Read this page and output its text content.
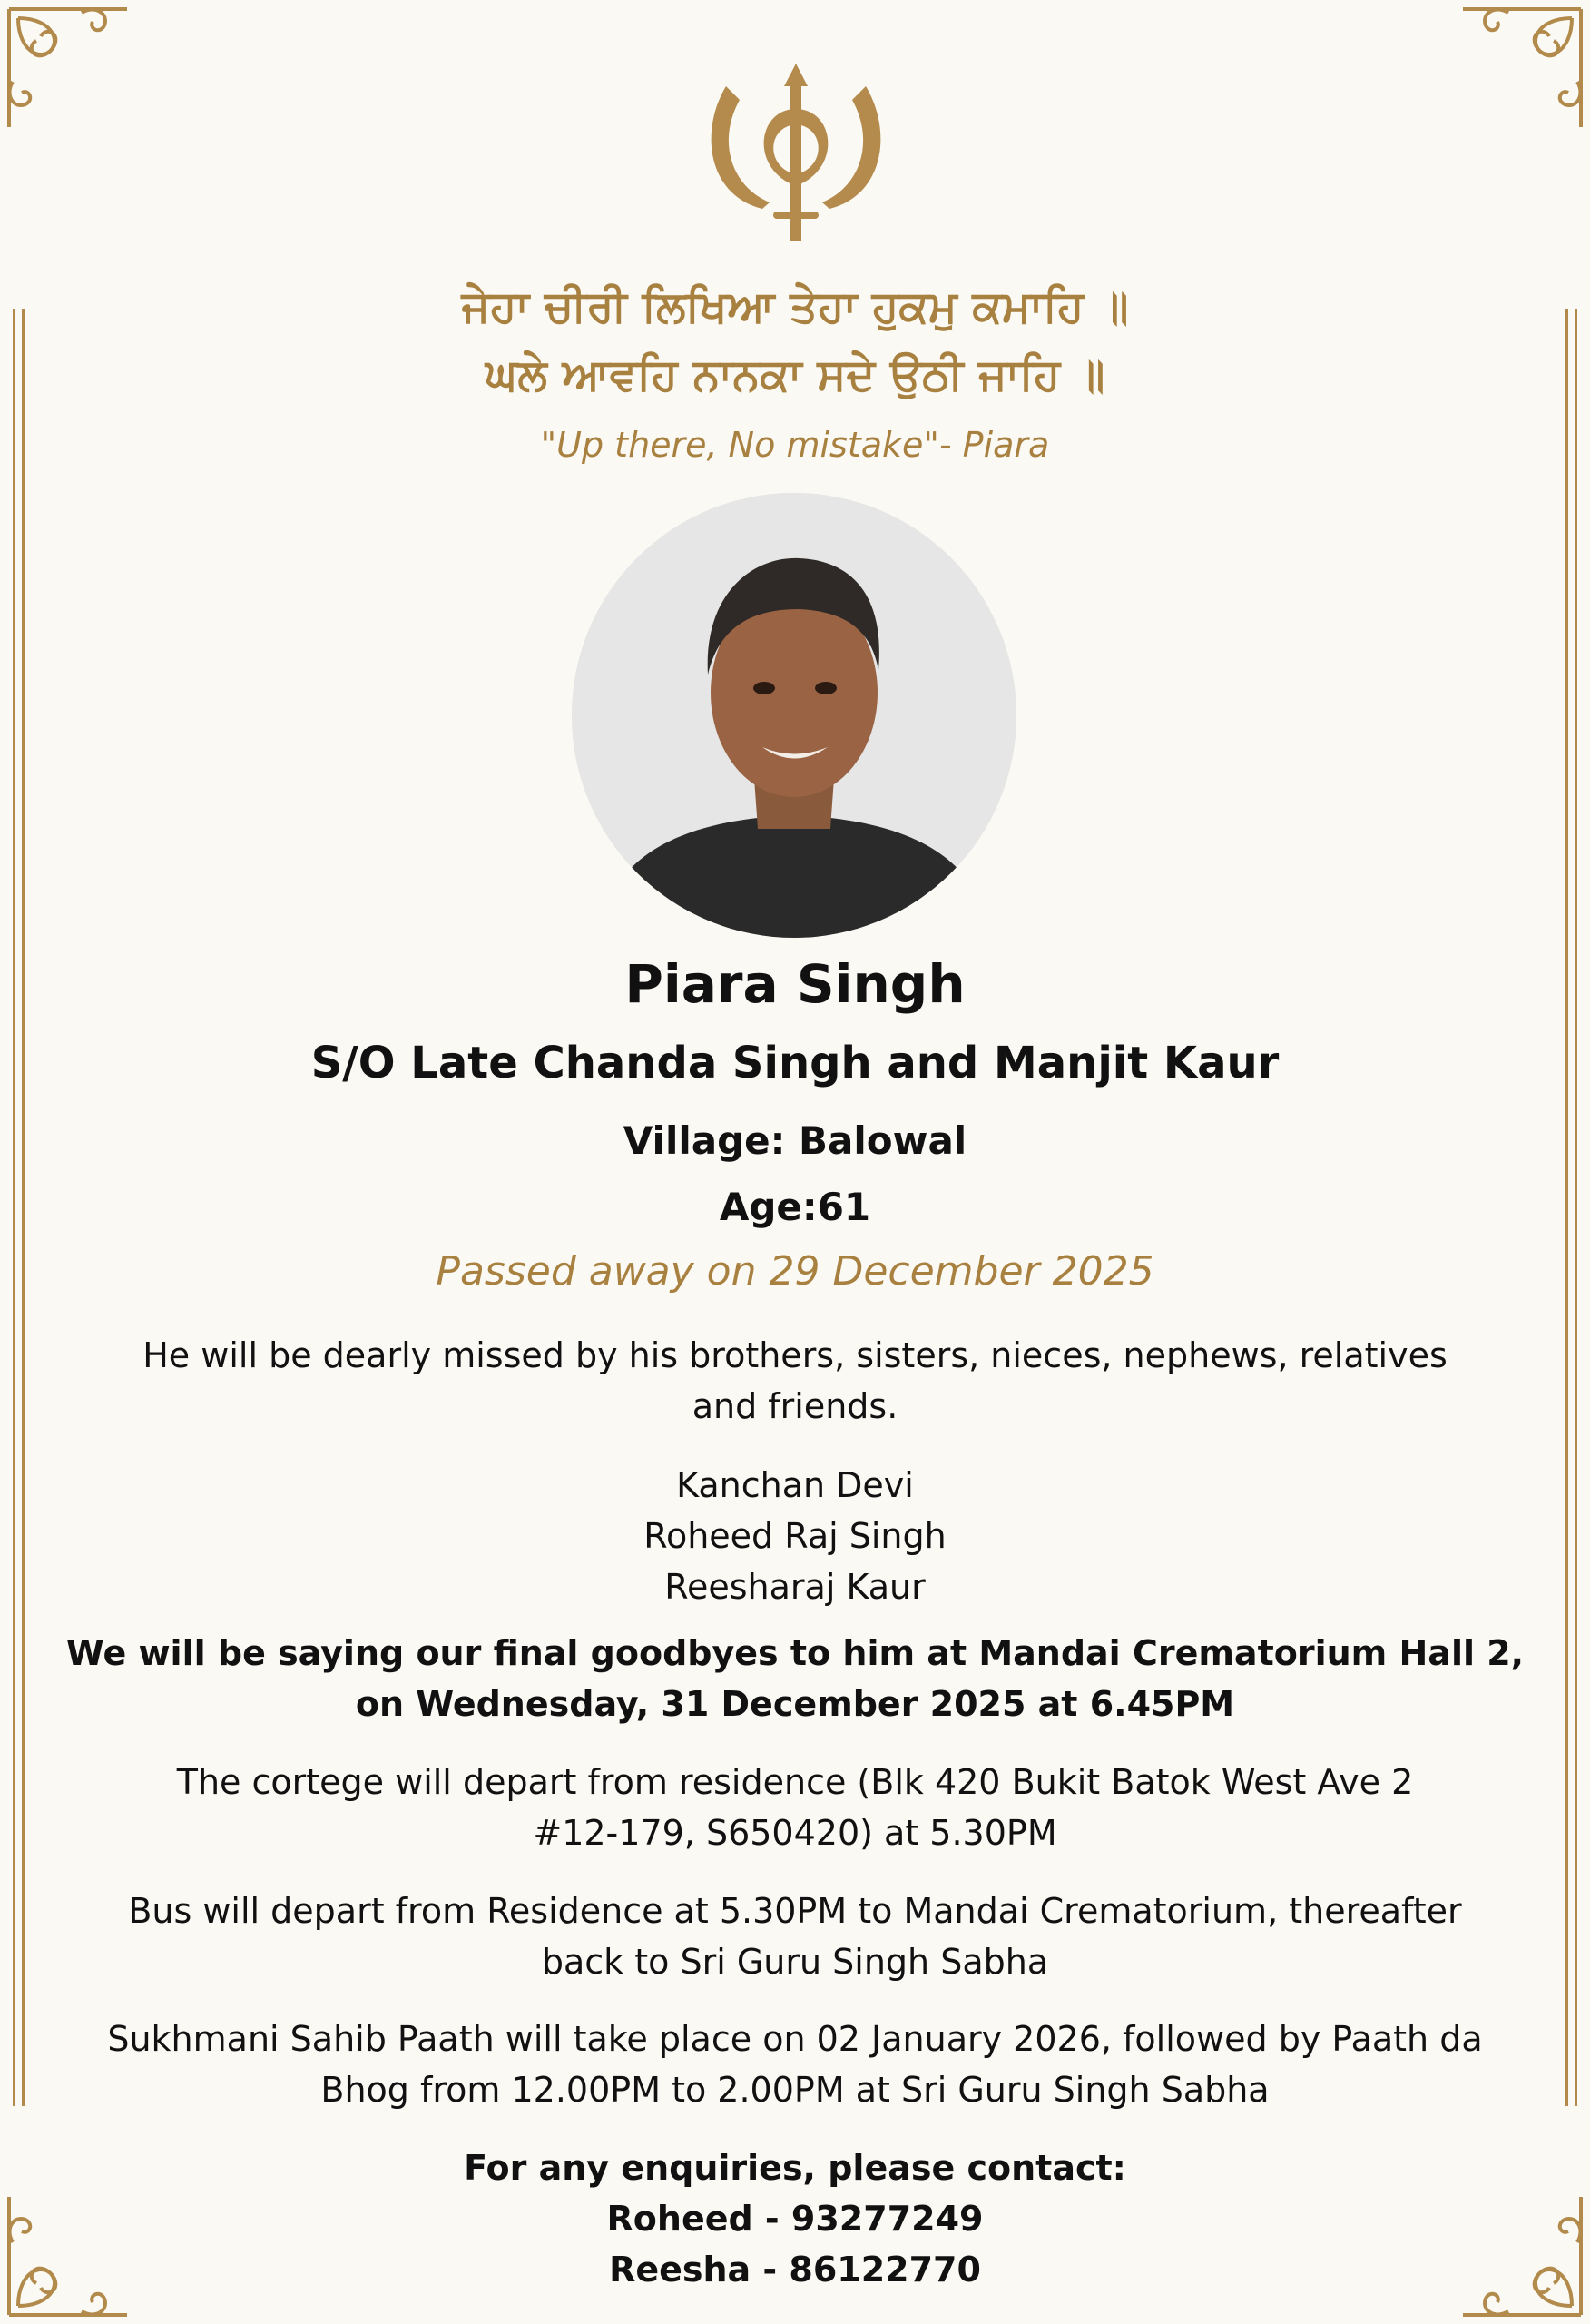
ਜੇਹਾ ਚੀਰੀ ਲਿਖਿਆ ਤੇਹਾ ਹੁਕਮੁ ਕਮਾਹਿ ॥
ਘਲੇ ਆਵਹਿ ਨਾਨਕਾ ਸਦੇ ਉਠੀ ਜਾਹਿ ॥
"Up there, No mistake"- Piara
Piara Singh
S/O Late Chanda Singh and Manjit Kaur
Village: Balowal
Age:61
Passed away on 29 December 2025
He will be dearly missed by his brothers, sisters, nieces, nephews, relatives
and friends.
Kanchan Devi
Roheed Raj Singh
Reesharaj Kaur
We will be saying our final goodbyes to him at Mandai Crematorium Hall 2,
on Wednesday, 31 December 2025 at 6.45PM
The cortege will depart from residence (Blk 420 Bukit Batok West Ave 2
#12-179, S650420) at 5.30PM
Bus will depart from Residence at 5.30PM to Mandai Crematorium, thereafter
back to Sri Guru Singh Sabha
Sukhmani Sahib Paath will take place on 02 January 2026, followed by Paath da
Bhog from 12.00PM to 2.00PM at Sri Guru Singh Sabha
For any enquiries, please contact:
Roheed - 93277249
Reesha - 86122770
